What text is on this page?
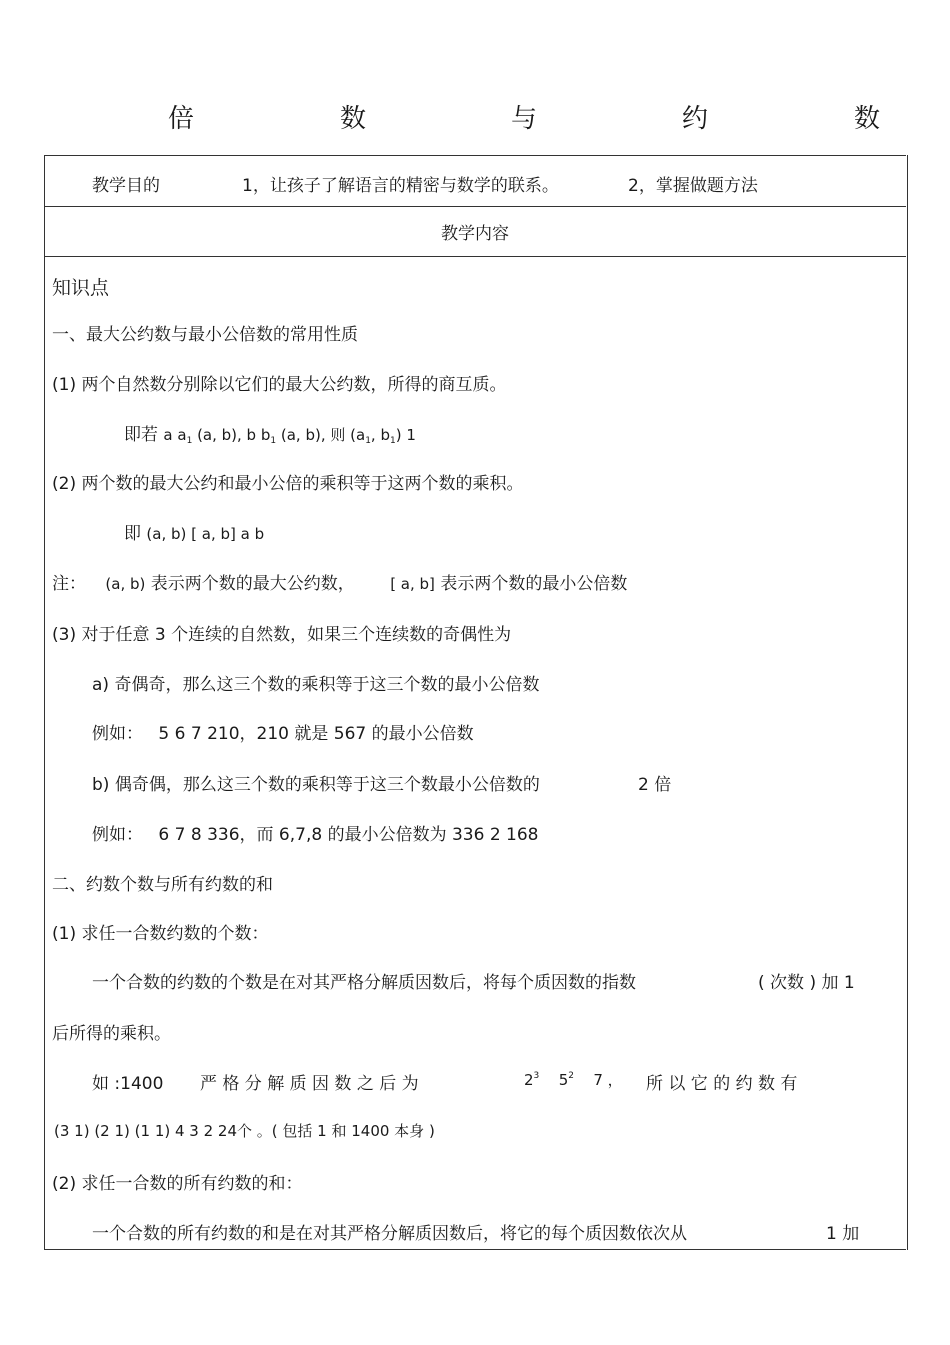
倍	数	与	约	数
教学目的	1，让孩子了解语言的精密与数学的联系。	2，掌握做题方法
教学内容
知识点
一、最大公约数与最小公倍数的常用性质
(1) 两个自然数分别除以它们的最大公约数，所得的商互质。
即若 a $a_1$ (a, b), b $b_1$ (a, b), 则 ($a_1$, $b_1$) 1
(2) 两个数的最大公约和最小公倍的乘积等于这两个数的乘积。
即 (a, b) [ a, b] a b
注： (a, b) 表示两个数的最大公约数， [ a, b] 表示两个数的最小公倍数
(3) 对于任意 3 个连续的自然数，如果三个连续数的奇偶性为
a) 奇偶奇，那么这三个数的乘积等于这三个数的最小公倍数
例如： 5 6 7 210，210 就是 567 的最小公倍数
b) 偶奇偶，那么这三个数的乘积等于这三个数最小公倍数的	2 倍
例如： 6 7 8 336，而 6,7,8 的最小公倍数为 336 2 168
二、约数个数与所有约数的和
(1) 求任一合数约数的个数：
一个合数的约数的个数是在对其严格分解质因数后，将每个质因数的指数	( 次数 ) 加 1
后所得的乘积。
如 :1400 严 格 分 解 质 因 数 之 后 为	$2^3$ $5^2$ 7 ， 所 以 它 的 约 数 有
(3 1) (2 1) (1 1) 4 3 2 24个 。( 包括 1 和 1400 本身 )
(2) 求任一合数的所有约数的和：
一个合数的所有约数的和是在对其严格分解质因数后，将它的每个质因数依次从	1 加
